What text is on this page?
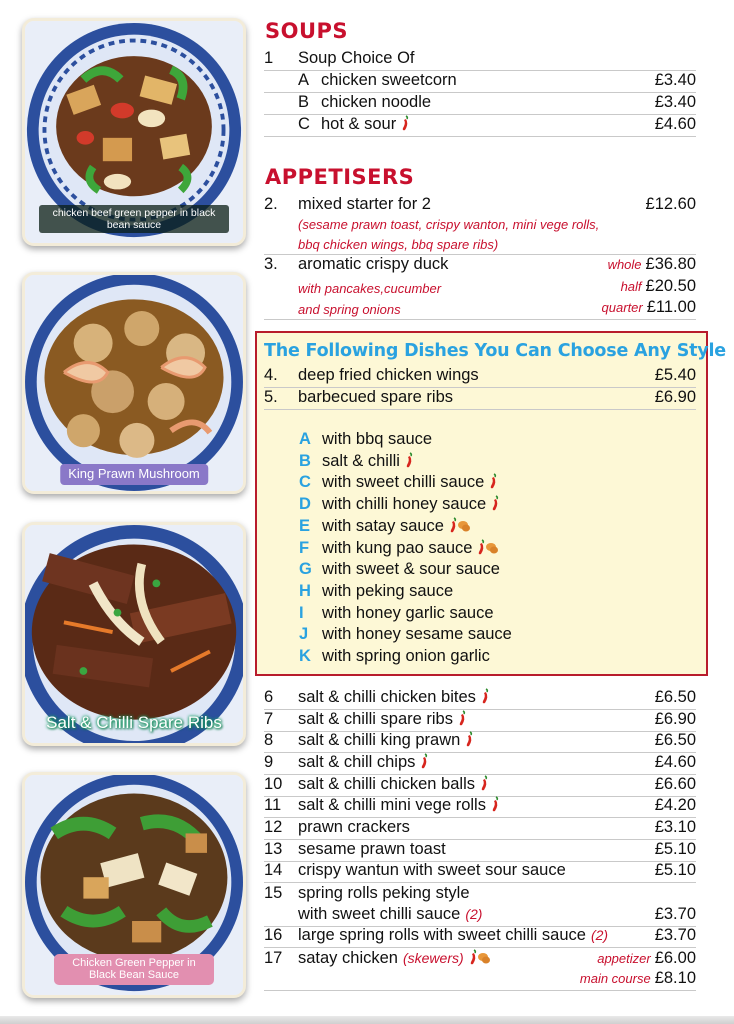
chicken beef green pepper in black bean sauce
King Prawn Mushroom
Salt & Chilli Spare Ribs
Chicken Green Pepper in Black Bean Sauce
SOUPS
1 Soup Choice Of
A chicken sweetcorn	£3.40
B chicken noodle	£3.40
C hot & sour	£4.60
APPETISERS
2. mixed starter for 2	£12.60
(sesame prawn toast, crispy wanton, mini vege rolls,
bbq chicken wings, bbq spare ribs)
3. aromatic crispy duck	whole £36.80
with pancakes,cucumber	half £20.50
and spring onions	quarter £11.00
The Following Dishes You Can Choose Any Style
4. deep fried chicken wings	£5.40
5. barbecued spare ribs	£6.90
A with bbq sauce
B salt & chilli
C with sweet chilli sauce
D with chilli honey sauce
E with satay sauce
F with kung pao sauce
G with sweet & sour sauce
H with peking sauce
I with honey garlic sauce
J with honey sesame sauce
K with spring onion garlic
6 salt & chilli chicken bites	£6.50
7 salt & chilli spare ribs	£6.90
8 salt & chilli king prawn	£6.50
9 salt & chill chips	£4.60
10 salt & chilli chicken balls	£6.60
11 salt & chilli mini vege rolls	£4.20
12 prawn crackers	£3.10
13 sesame prawn toast	£5.10
14 crispy wantun with sweet sour sauce	£5.10
15 spring rolls peking style
with sweet chilli sauce (2)	£3.70
16 large spring rolls with sweet chilli sauce (2)	£3.70
17 satay chicken (skewers)	appetizer £6.00
main course £8.10
